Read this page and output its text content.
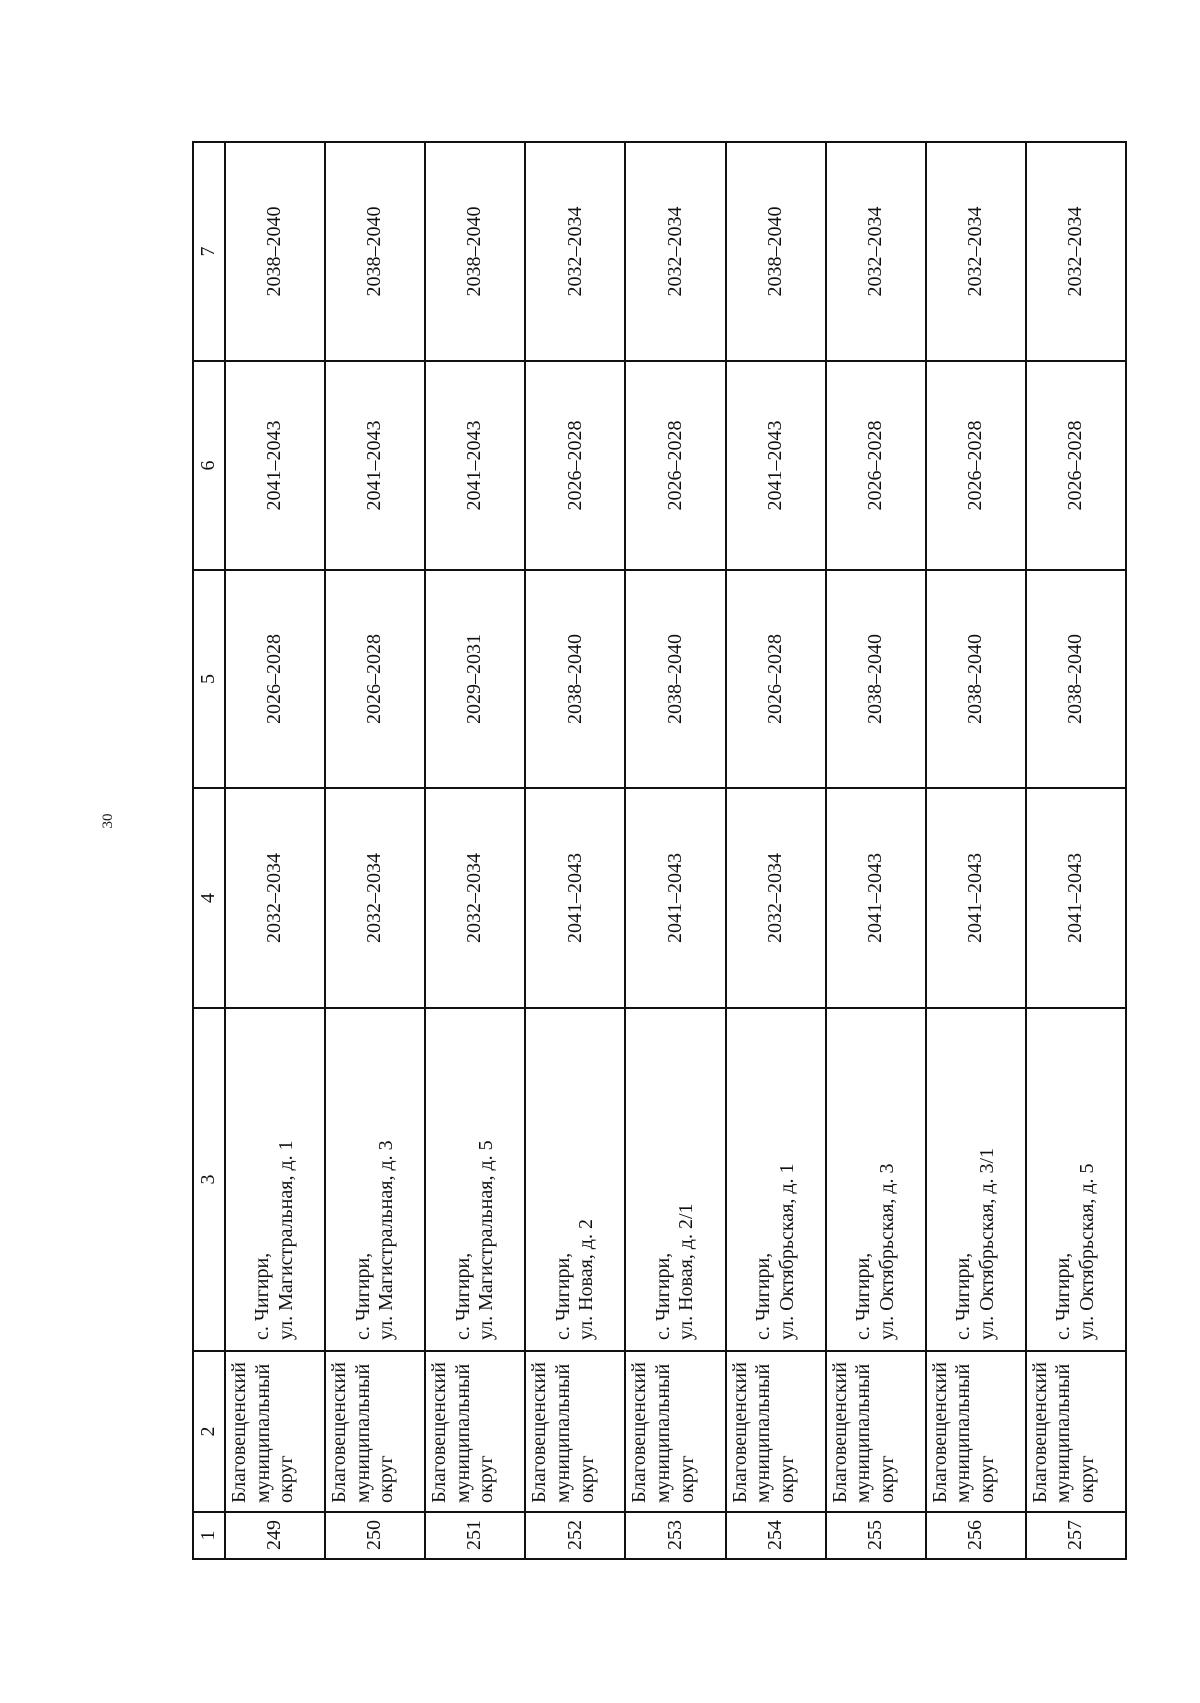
30
1	2	3	4	5	6	7

249	Благовещенский муниципальный округ	с. Чигири, ул. Магистральная, д. 1	2032–2034	2026–2028	2041–2043	2038–2040

250	Благовещенский муниципальный округ	с. Чигири, ул. Магистральная, д. 3	2032–2034	2026–2028	2041–2043	2038–2040

251	Благовещенский муниципальный округ	с. Чигири, ул. Магистральная, д. 5	2032–2034	2029–2031	2041–2043	2038–2040

252	Благовещенский муниципальный округ	с. Чигири, ул. Новая, д. 2	2041–2043	2038–2040	2026–2028	2032–2034

253	Благовещенский муниципальный округ	с. Чигири, ул. Новая, д. 2/1	2041–2043	2038–2040	2026–2028	2032–2034

254	Благовещенский муниципальный округ	с. Чигири, ул. Октябрьская, д. 1	2032–2034	2026–2028	2041–2043	2038–2040

255	Благовещенский муниципальный округ	с. Чигири, ул. Октябрьская, д. 3	2041–2043	2038–2040	2026–2028	2032–2034

256	Благовещенский муниципальный округ	с. Чигири, ул. Октябрьская, д. 3/1	2041–2043	2038–2040	2026–2028	2032–2034

257	Благовещенский муниципальный округ	с. Чигири, ул. Октябрьская, д. 5	2041–2043	2038–2040	2026–2028	2032–2034
